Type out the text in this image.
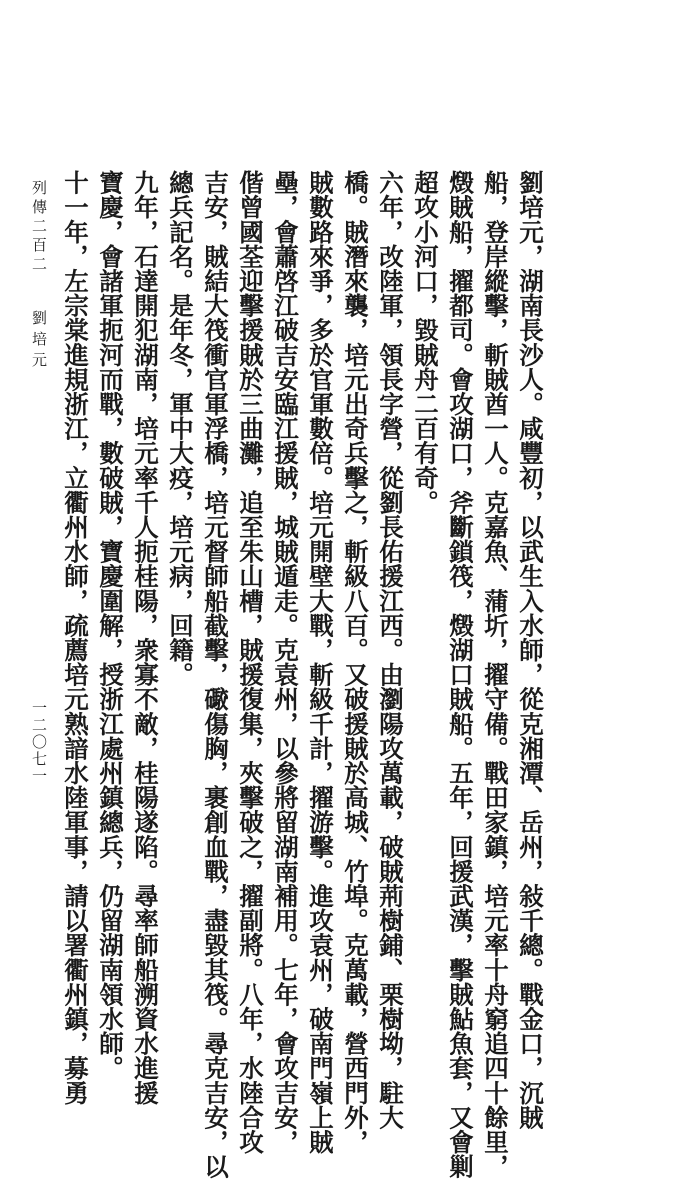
劉培元，湖南長沙人。咸豐初，以武生入水師，從克湘潭、岳州，敍千總。戰金口，沉賊
船，登岸縱擊，斬賊酋一人。克嘉魚、蒲圻，擢守備。戰田家鎮，培元率十舟窮追四十餘里，
燬賊船，擢都司。會攻湖口，斧斷鎖筏，燬湖口賊船。五年，回援武漢，擊賊鮎魚套，又會剿
超攻小河口，毀賊舟二百有奇。
六年，改陸軍，領長字營，從劉長佑援江西。由瀏陽攻萬載，破賊荊樹鋪、栗樹坳，駐大
橋。賊潛來襲，培元出奇兵擊之，斬級八百。又破援賊於高城、竹埠。克萬載，營西門外，
賊數路來爭，多於官軍數倍。培元開壁大戰，斬級千計，擢游擊。進攻袁州，破南門嶺上賊
壘，會蕭啓江破吉安臨江援賊，城賊遁走。克袁州，以參將留湖南補用。七年，會攻吉安，
偕曾國荃迎擊援賊於三曲灘，追至朱山槽，賊援復集，夾擊破之，擢副將。八年，水陸合攻
吉安，賊結大筏衝官軍浮橋，培元督師船截擊，礮傷胸，裹創血戰，盡毀其筏。尋克吉安，以
總兵記名。是年冬，軍中大疫，培元病，回籍。
九年，石達開犯湖南，培元率千人扼桂陽，衆寡不敵，桂陽遂陷。尋率師船溯資水進援
寶慶，會諸軍扼河而戰，數破賊，寶慶圍解，授浙江處州鎮總兵，仍留湖南領水師。
十一年，左宗棠進規浙江，立衢州水師，疏薦培元熟諳水陸軍事，請以署衢州鎮，募勇
列傳二百二
劉培元
一二〇七一
